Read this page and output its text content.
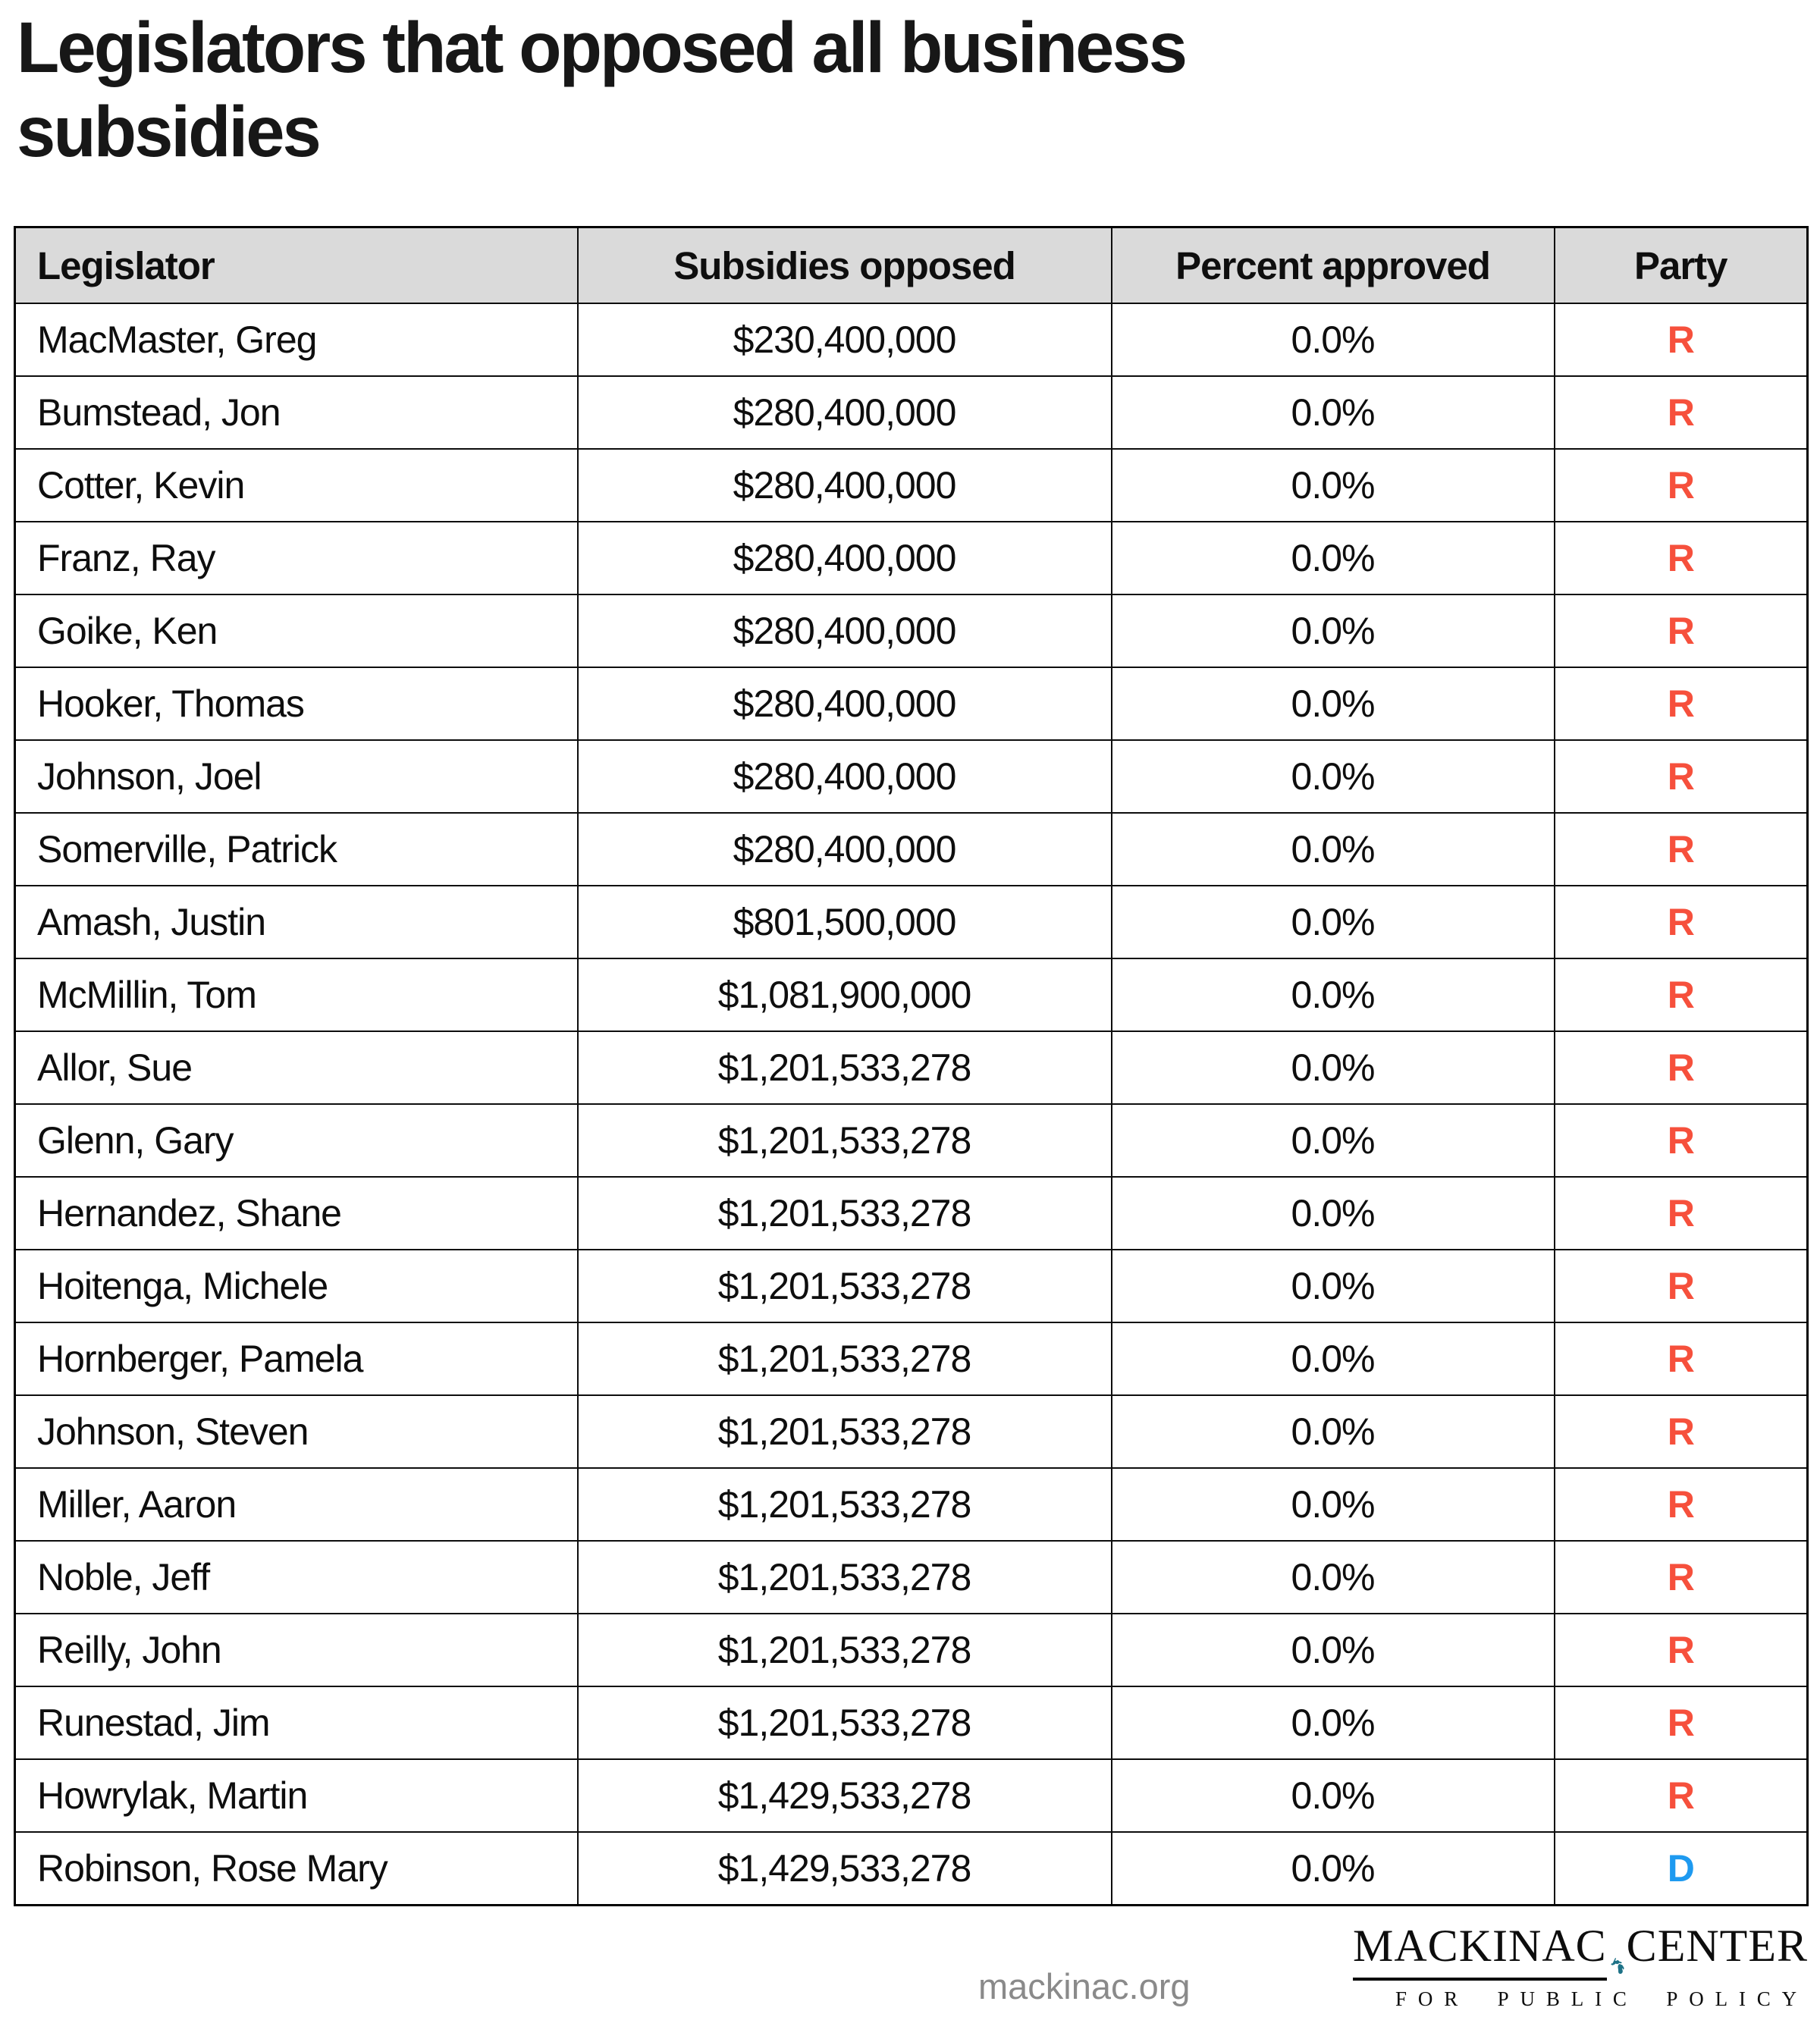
Legislators that opposed all business subsidies
Legislator	Subsidies opposed	Percent approved	Party
MacMaster, Greg	$230,400,000	0.0%	R
Bumstead, Jon	$280,400,000	0.0%	R
Cotter, Kevin	$280,400,000	0.0%	R
Franz, Ray	$280,400,000	0.0%	R
Goike, Ken	$280,400,000	0.0%	R
Hooker, Thomas	$280,400,000	0.0%	R
Johnson, Joel	$280,400,000	0.0%	R
Somerville, Patrick	$280,400,000	0.0%	R
Amash, Justin	$801,500,000	0.0%	R
McMillin, Tom	$1,081,900,000	0.0%	R
Allor, Sue	$1,201,533,278	0.0%	R
Glenn, Gary	$1,201,533,278	0.0%	R
Hernandez, Shane	$1,201,533,278	0.0%	R
Hoitenga, Michele	$1,201,533,278	0.0%	R
Hornberger, Pamela	$1,201,533,278	0.0%	R
Johnson, Steven	$1,201,533,278	0.0%	R
Miller, Aaron	$1,201,533,278	0.0%	R
Noble, Jeff	$1,201,533,278	0.0%	R
Reilly, John	$1,201,533,278	0.0%	R
Runestad, Jim	$1,201,533,278	0.0%	R
Howrylak, Martin	$1,429,533,278	0.0%	R
Robinson, Rose Mary	$1,429,533,278	0.0%	D
mackinac.org
MACKINAC CENTER
FOR PUBLIC POLICY
